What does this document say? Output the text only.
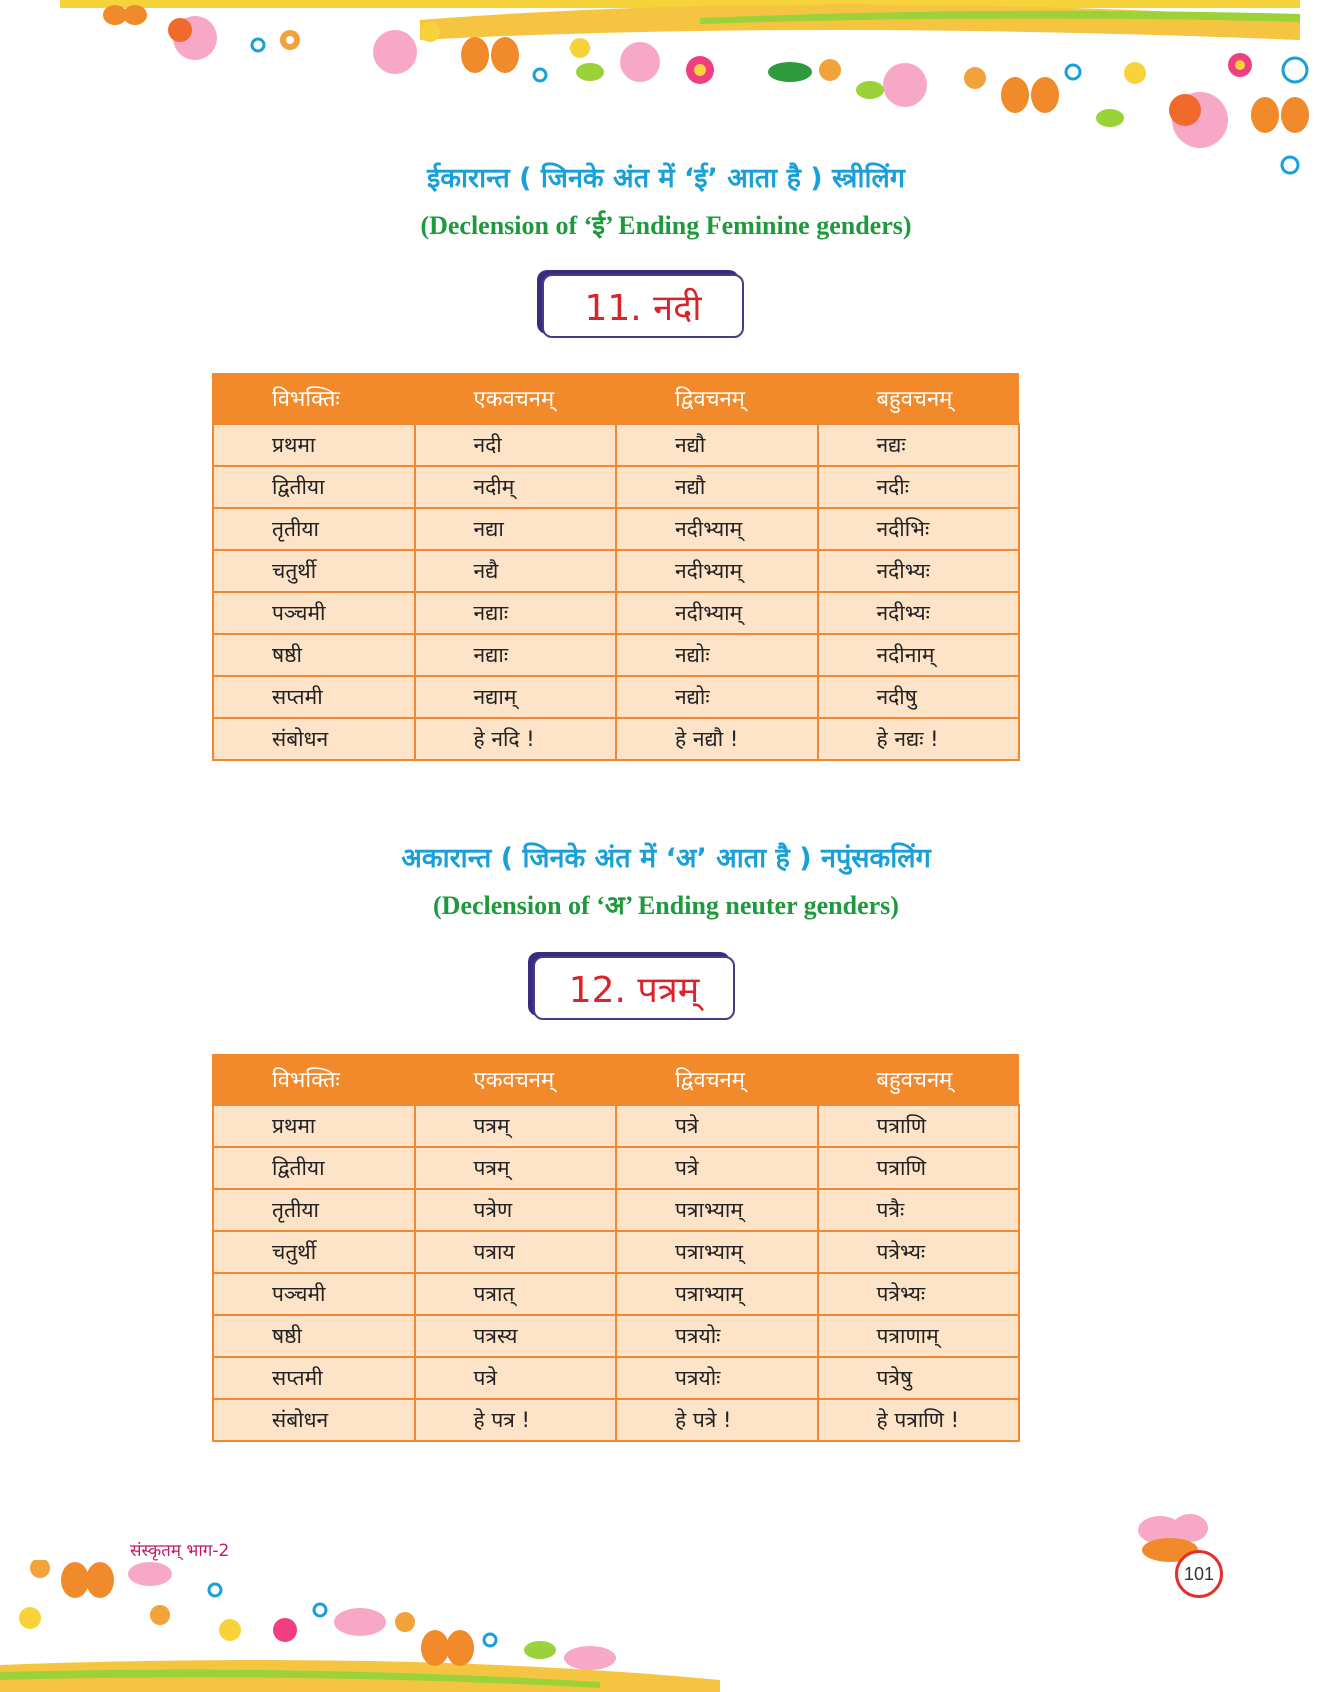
ईकारान्त ( जिनके अंत में ‘ई’ आता है ) स्त्रीलिंग
(Declension of ‘ई’ Ending Feminine genders)
11. नदी
विभक्तिः	एकवचनम्	द्विवचनम्	बहुवचनम्
प्रथमा	नदी	नद्यौ	नद्यः
द्वितीया	नदीम्	नद्यौ	नदीः
तृतीया	नद्या	नदीभ्याम्	नदीभिः
चतुर्थी	नद्यै	नदीभ्याम्	नदीभ्यः
पञ्चमी	नद्याः	नदीभ्याम्	नदीभ्यः
षष्ठी	नद्याः	नद्योः	नदीनाम्
सप्तमी	नद्याम्	नद्योः	नदीषु
संबोधन	हे नदि !	हे नद्यौ !	हे नद्यः !
अकारान्त ( जिनके अंत में ‘अ’ आता है ) नपुंसकलिंग
(Declension of ‘अ’ Ending neuter genders)
12. पत्रम्
विभक्तिः	एकवचनम्	द्विवचनम्	बहुवचनम्
प्रथमा	पत्रम्	पत्रे	पत्राणि
द्वितीया	पत्रम्	पत्रे	पत्राणि
तृतीया	पत्रेण	पत्राभ्याम्	पत्रैः
चतुर्थी	पत्राय	पत्राभ्याम्	पत्रेभ्यः
पञ्चमी	पत्रात्	पत्राभ्याम्	पत्रेभ्यः
षष्ठी	पत्रस्य	पत्रयोः	पत्राणाम्
सप्तमी	पत्रे	पत्रयोः	पत्रेषु
संबोधन	हे पत्र !	हे पत्रे !	हे पत्राणि !
संस्कृतम् भाग-2
101
